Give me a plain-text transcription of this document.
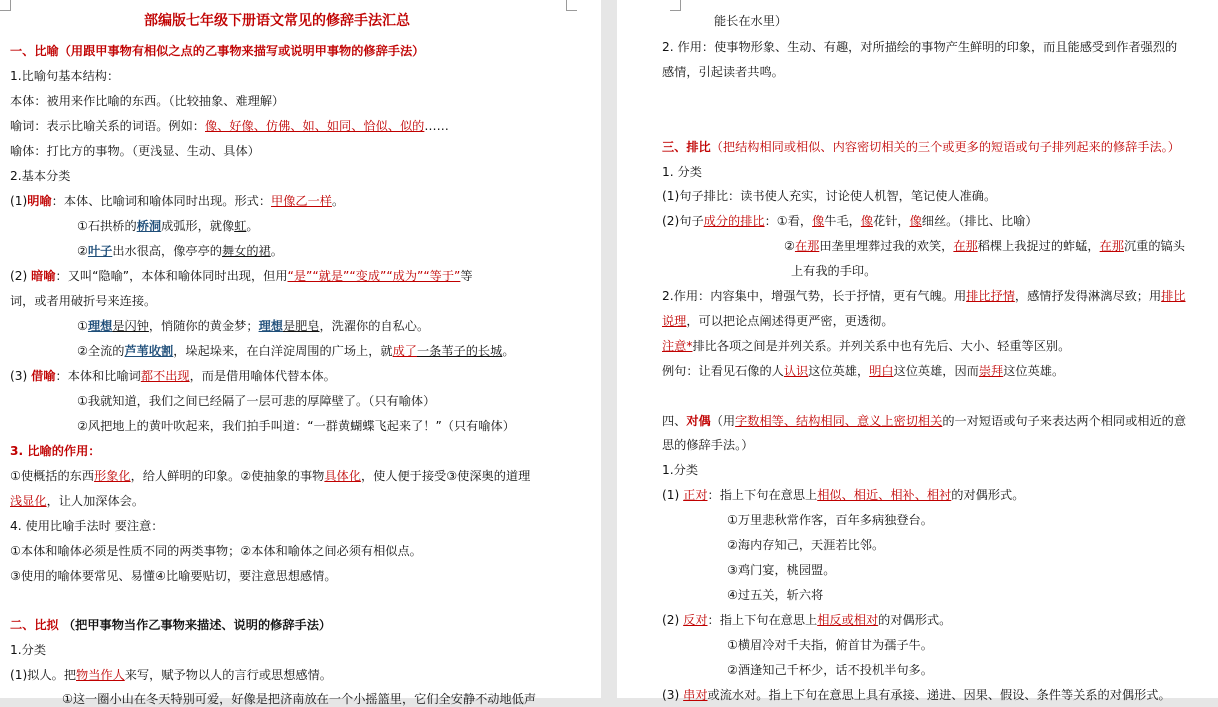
部编版七年级下册语文常见的修辞手法汇总
一、比喻（用跟甲事物有相似之点的乙事物来描写或说明甲事物的修辞手法）
1.比喻句基本结构：
本体：被用来作比喻的东西。（比较抽象、难理解）
喻词：表示比喻关系的词语。例如：像、好像、仿佛、如、如同、恰似、似的……
喻体：打比方的事物。（更浅显、生动、具体）
2.基本分类
(1)明喻：本体、比喻词和喻体同时出现。形式：甲像乙一样。
①石拱桥的桥洞成弧形，就像虹。
②叶子出水很高，像亭亭的舞女的裙。
(2) 暗喻：又叫“隐喻”，本体和喻体同时出现，但用“是”“就是”“变成”“成为”“等于”等
词，或者用破折号来连接。
①理想是闪钟，悄随你的黄金梦；理想是肥皂，洗濯你的自私心。
②全流的芦苇收割，垛起垛来，在白洋淀周围的广场上，就成了一条苇子的长城。
(3) 借喻：本体和比喻词都不出现，而是借用喻体代替本体。
①我就知道，我们之间已经隔了一层可悲的厚障壁了。（只有喻体）
②风把地上的黄叶吹起来，我们拍手叫道：“一群黄蝴蝶飞起来了！”（只有喻体）
3. 比喻的作用：
①使概括的东西形象化，给人鲜明的印象。②使抽象的事物具体化，使人便于接受③使深奥的道理
浅显化，让人加深体会。
4. 使用比喻手法时 要注意：
①本体和喻体必须是性质不同的两类事物；②本体和喻体之间必须有相似点。
③使用的喻体要常见、易懂④比喻要贴切，要注意思想感情。
二、比拟 （把甲事物当作乙事物来描述、说明的修辞手法）
1.分类
(1)拟人。把物当作人来写，赋予物以人的言行或思想感情。
①这一圈小山在冬天特别可爱，好像是把济南放在一个小摇篮里，它们全安静不动地低声
能长在水里）
2. 作用：使事物形象、生动、有趣，对所描绘的事物产生鲜明的印象，而且能感受到作者强烈的
感情，引起读者共鸣。
三、排比（把结构相同或相似、内容密切相关的三个或更多的短语或句子排列起来的修辞手法。）
1. 分类
(1)句子排比：读书使人充实，讨论使人机智，笔记使人准确。
(2)句子成分的排比：①看，像牛毛，像花针，像细丝。（排比、比喻）
②在那田垄里埋葬过我的欢笑，在那稻棵上我捉过的蚱蜢，在那沉重的镐头
上有我的手印。
2.作用：内容集中，增强气势，长于抒情，更有气魄。用排比抒情，感情抒发得淋漓尽致；用排比
说理，可以把论点阐述得更严密，更透彻。
注意*排比各项之间是并列关系。并列关系中也有先后、大小、轻重等区别。
例句：让看见石像的人认识这位英雄，明白这位英雄，因而崇拜这位英雄。
四、对偶（用字数相等、结构相同、意义上密切相关的一对短语或句子来表达两个相同或相近的意
思的修辞手法。）
1.分类
(1) 正对：指上下句在意思上相似、相近、相补、相衬的对偶形式。
①万里悲秋常作客，百年多病独登台。
②海内存知己，天涯若比邻。
③鸡门宴，桃园盟。
④过五关，斩六将
(2) 反对：指上下句在意思上相反或相对的对偶形式。
①横眉冷对千夫指，俯首甘为孺子牛。
②酒逢知己千杯少，话不投机半句多。
(3) 串对或流水对。指上下句在意思上具有承接、递进、因果、假设、条件等关系的对偶形式。
